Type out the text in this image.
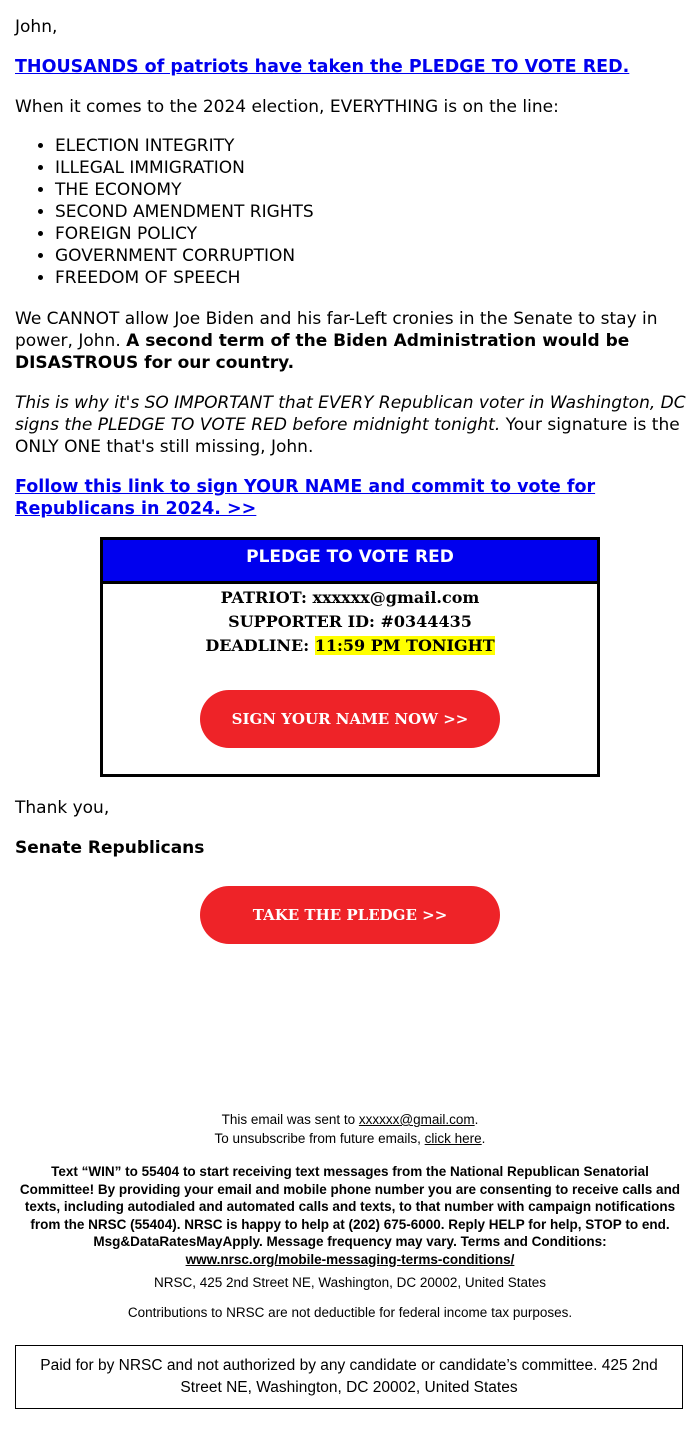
John,

THOUSANDS of patriots have taken the PLEDGE TO VOTE RED.

When it comes to the 2024 election, EVERYTHING is on the line:

• ELECTION INTEGRITY
• ILLEGAL IMMIGRATION
• THE ECONOMY
• SECOND AMENDMENT RIGHTS
• FOREIGN POLICY
• GOVERNMENT CORRUPTION
• FREEDOM OF SPEECH

We CANNOT allow Joe Biden and his far-Left cronies in the Senate to stay in power, John. A second term of the Biden Administration would be DISASTROUS for our country.

This is why it's SO IMPORTANT that EVERY Republican voter in Washington, DC signs the PLEDGE TO VOTE RED before midnight tonight. Your signature is the ONLY ONE that's still missing, John.

Follow this link to sign YOUR NAME and commit to vote for Republicans in 2024. >>

Thank you,

Senate Republicans

PLEDGE TO VOTE RED
PATRIOT: xxxxxx@gmail.com
SUPPORTER ID: #0344435
DEADLINE: 11:59 PM TONIGHT
SIGN YOUR NAME NOW >>
TAKE THE PLEDGE >>
This email was sent to xxxxxx@gmail.com.
To unsubscribe from future emails, click here.
Text “WIN” to 55404 to start receiving text messages from the National Republican Senatorial Committee! By providing your email and mobile phone number you are consenting to receive calls and texts, including autodialed and automated calls and texts, to that number with campaign notifications from the NRSC (55404). NRSC is happy to help at (202) 675-6000. Reply HELP for help, STOP to end. Msg&DataRatesMayApply. Message frequency may vary. Terms and Conditions:
www.nrsc.org/mobile-messaging-terms-conditions/
NRSC, 425 2nd Street NE, Washington, DC 20002, United States
Contributions to NRSC are not deductible for federal income tax purposes.
Paid for by NRSC and not authorized by any candidate or candidate’s committee. 425 2nd Street NE, Washington, DC 20002, United States
